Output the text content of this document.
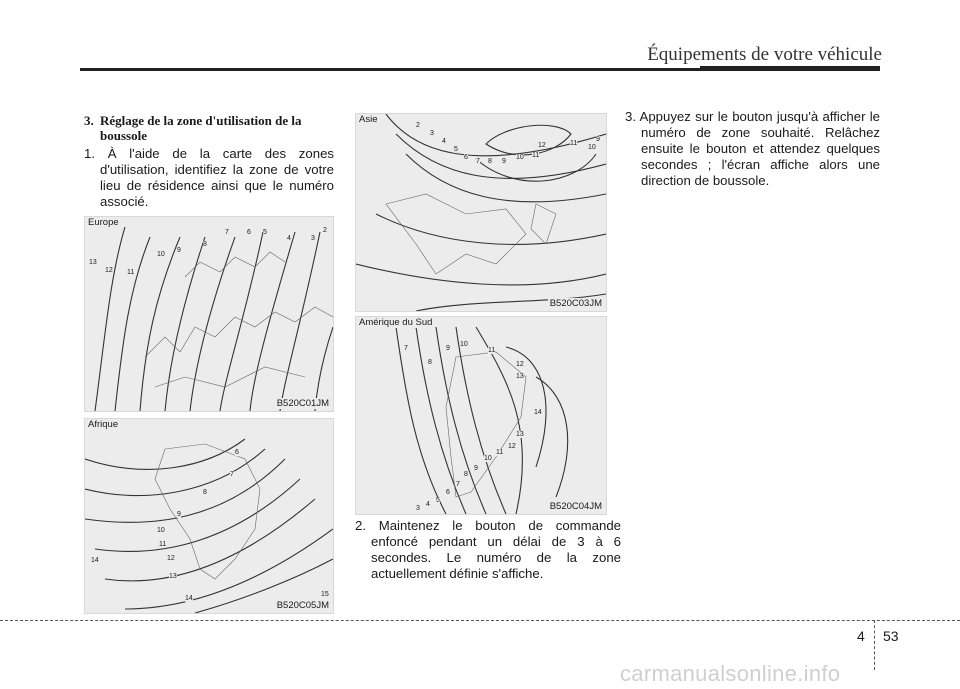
Équipements de votre véhicule
3. Réglage de la zone d'utilisation de la
boussole
1. À l'aide de la carte des zones d'utilisation, identifiez la zone de votre lieu de résidence ainsi que le numéro associé.
Europe
B520C01JM
13
12 11
10
9
8
7	6 5
4	3
2
Afrique
B520C05JM
6
7
8
9
10
11
12
13
14
14
15
Asie
B520C03JM
2
3
4
5
6
7 8 9
10 11
12	11
10
9
Amérique du Sud
B520C04JM
7
8
9
10
11
12
13
14
13
12
11
10
9
8
7
6
5
4
3
2. Maintenez le bouton de commande enfoncé pendant un délai de 3 à 6 secondes. Le numéro de la zone actuellement définie s'affiche.
3. Appuyez sur le bouton jusqu'à afficher le numéro de zone souhaité. Relâchez ensuite le bouton et attendez quelques secondes ; l'écran affiche alors une direction de boussole.
4 53
carmanualsonline.info
